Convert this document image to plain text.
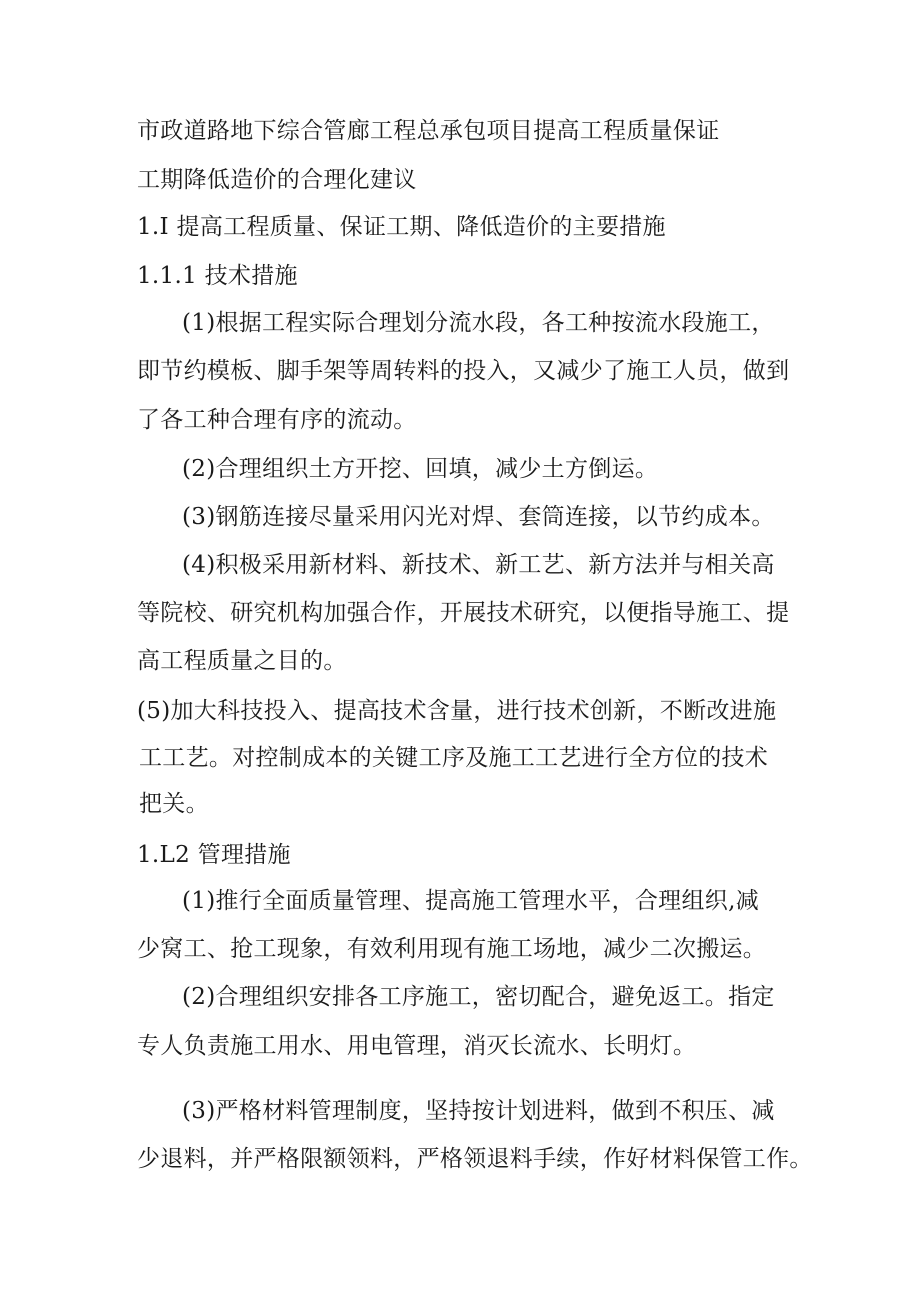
市政道路地下综合管廊工程总承包项目提高工程质量保证
工期降低造价的合理化建议
1.I 提高工程质量、保证工期、降低造价的主要措施
1.1.1 技术措施
(1)根据工程实际合理划分流水段，各工种按流水段施工，
即节约模板、脚手架等周转料的投入，又减少了施工人员，做到
了各工种合理有序的流动。
(2)合理组织土方开挖、回填，减少土方倒运。
(3)钢筋连接尽量采用闪光对焊、套筒连接，以节约成本。
(4)积极采用新材料、新技术、新工艺、新方法并与相关高
等院校、研究机构加强合作，开展技术研究，以便指导施工、提
高工程质量之目的。
(5)加大科技投入、提高技术含量，进行技术创新，不断改进施
工工艺。对控制成本的关键工序及施工工艺进行全方位的技术
把关。
1.L2 管理措施
(1)推行全面质量管理、提高施工管理水平，合理组织,减
少窝工、抢工现象，有效利用现有施工场地，减少二次搬运。
(2)合理组织安排各工序施工，密切配合，避免返工。指定
专人负责施工用水、用电管理，消灭长流水、长明灯。
(3)严格材料管理制度，坚持按计划进料，做到不积压、减
少退料，并严格限额领料，严格领退料手续，作好材料保管工作。
